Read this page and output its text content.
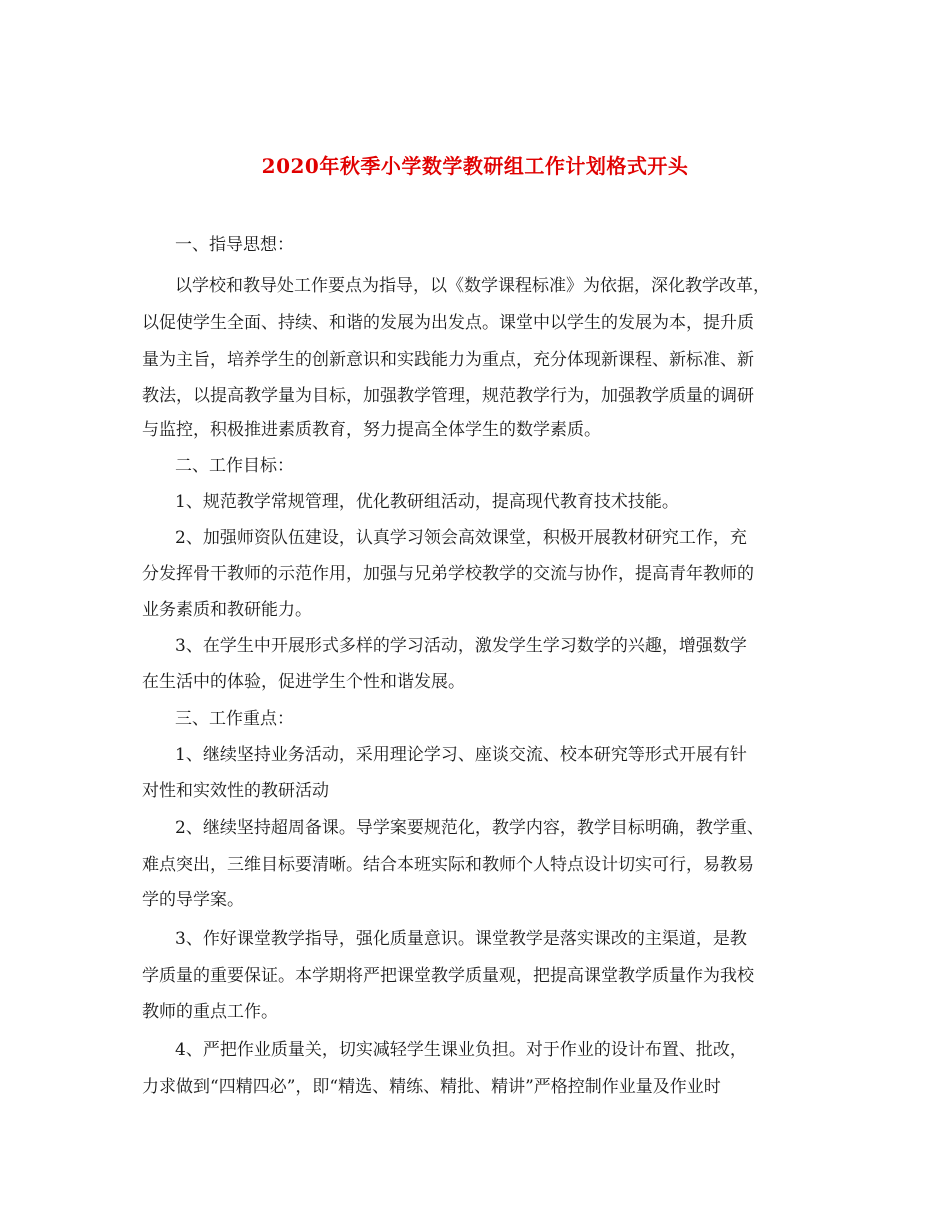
2020年秋季小学数学教研组工作计划格式开头
一、指导思想：
以学校和教导处工作要点为指导，以《数学课程标准》为依据，深化教学改革，
以促使学生全面、持续、和谐的发展为出发点。课堂中以学生的发展为本，提升质
量为主旨，培养学生的创新意识和实践能力为重点，充分体现新课程、新标准、新
教法，以提高教学量为目标，加强教学管理，规范教学行为，加强教学质量的调研
与监控，积极推进素质教育，努力提高全体学生的数学素质。
二、工作目标：
1、规范教学常规管理，优化教研组活动，提高现代教育技术技能。
2、加强师资队伍建设，认真学习领会高效课堂，积极开展教材研究工作，充
分发挥骨干教师的示范作用，加强与兄弟学校教学的交流与协作，提高青年教师的
业务素质和教研能力。
3、在学生中开展形式多样的学习活动，激发学生学习数学的兴趣，增强数学
在生活中的体验，促进学生个性和谐发展。
三、工作重点：
1、继续坚持业务活动，采用理论学习、座谈交流、校本研究等形式开展有针
对性和实效性的教研活动
2、继续坚持超周备课。导学案要规范化，教学内容，教学目标明确，教学重、
难点突出，三维目标要清晰。结合本班实际和教师个人特点设计切实可行，易教易
学的导学案。
3、作好课堂教学指导，强化质量意识。课堂教学是落实课改的主渠道，是教
学质量的重要保证。本学期将严把课堂教学质量观，把提高课堂教学质量作为我校
教师的重点工作。
4、严把作业质量关，切实减轻学生课业负担。对于作业的设计布置、批改，
力求做到“四精四必”，即“精选、精练、精批、精讲”严格控制作业量及作业时
